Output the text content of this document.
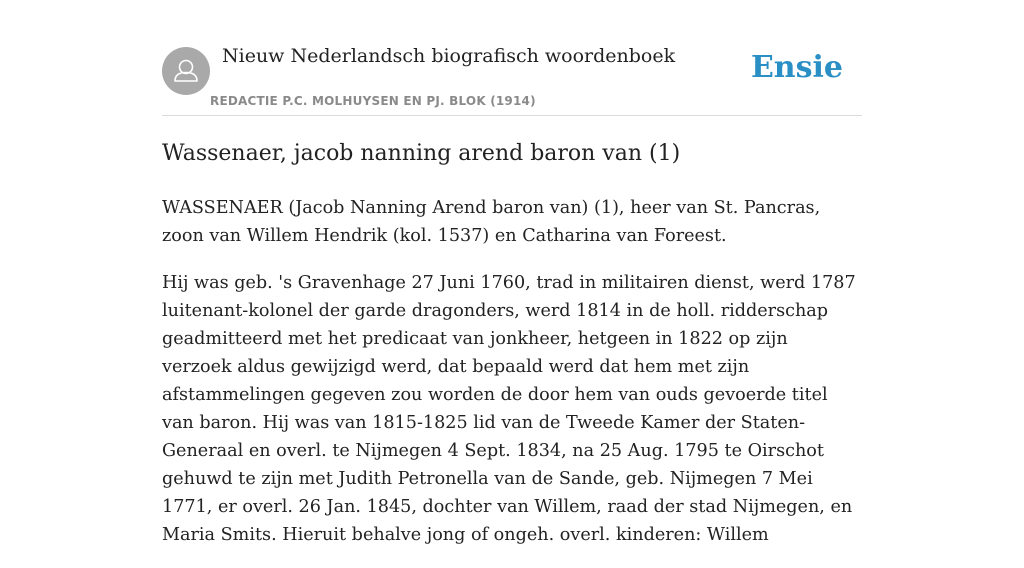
Nieuw Nederlandsch biografisch woordenboek
REDACTIE P.C. MOLHUYSEN EN PJ. BLOK (1914)
Ensie
Wassenaer, jacob nanning arend baron van (1)

WASSENAER (Jacob Nanning Arend baron van) (1), heer van St. Pancras, zoon van Willem Hendrik (kol. 1537) en Catharina van Foreest.

Hij was geb. 's Gravenhage 27 Juni 1760, trad in militairen dienst, werd 1787 luitenant-kolonel der garde dragonders, werd 1814 in de holl. ridderschap geadmitteerd met het predicaat van jonkheer, hetgeen in 1822 op zijn verzoek aldus gewijzigd werd, dat bepaald werd dat hem met zijn afstammelingen gegeven zou worden de door hem van ouds gevoerde titel van baron. Hij was van 1815-1825 lid van de Tweede Kamer der Staten-Generaal en overl. te Nijmegen 4 Sept. 1834, na 25 Aug. 1795 te Oirschot gehuwd te zijn met Judith Petronella van de Sande, geb. Nijmegen 7 Mei 1771, er overl. 26 Jan. 1845, dochter van Willem, raad der stad Nijmegen, en Maria Smits. Hieruit behalve jong of ongeh. overl. kinderen: Willem
